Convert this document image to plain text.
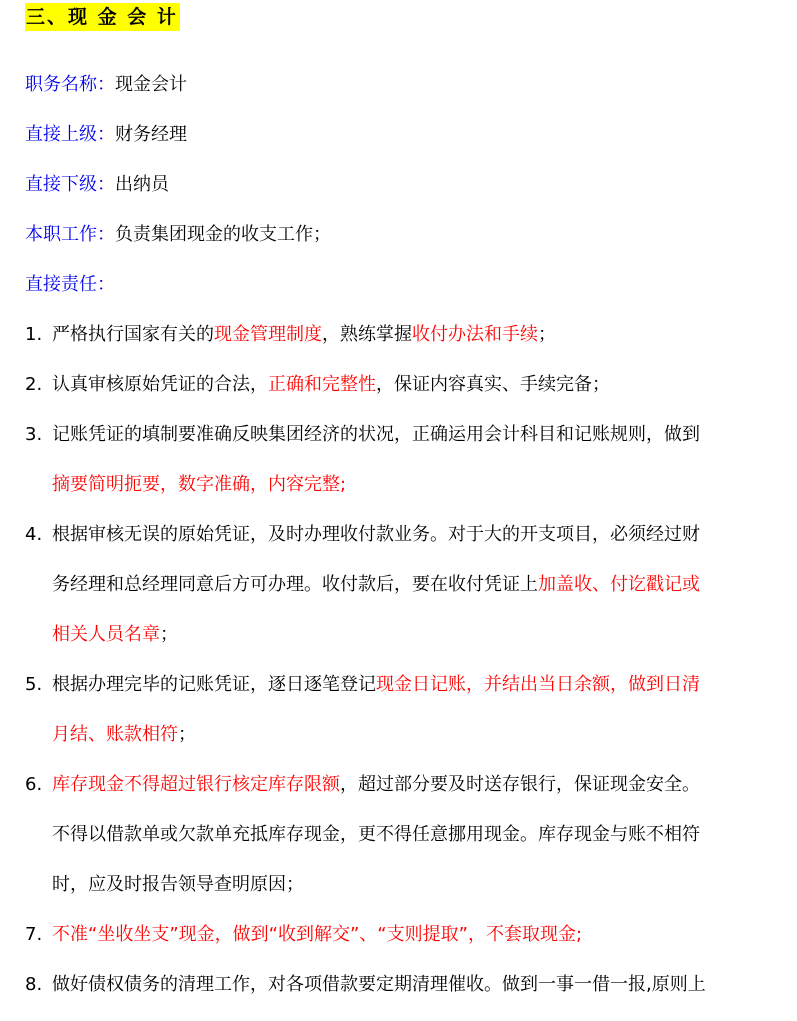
三、现 金 会 计
职务名称：现金会计
直接上级：财务经理
直接下级：出纳员
本职工作：负责集团现金的收支工作；
直接责任：
1. 严格执行国家有关的现金管理制度，熟练掌握收付办法和手续；
2. 认真审核原始凭证的合法，正确和完整性，保证内容真实、手续完备；
3. 记账凭证的填制要准确反映集团经济的状况，正确运用会计科目和记账规则，做到
摘要简明扼要，数字准确，内容完整;
4. 根据审核无误的原始凭证，及时办理收付款业务。对于大的开支项目，必须经过财
务经理和总经理同意后方可办理。收付款后，要在收付凭证上加盖收、付讫戳记或
相关人员名章；
5. 根据办理完毕的记账凭证，逐日逐笔登记现金日记账，并结出当日余额，做到日清
月结、账款相符；
6. 库存现金不得超过银行核定库存限额，超过部分要及时送存银行，保证现金安全。
不得以借款单或欠款单充抵库存现金，更不得任意挪用现金。库存现金与账不相符
时，应及时报告领导查明原因；
7. 不准“坐收坐支”现金，做到“收到解交”、“支则提取”，不套取现金;
8. 做好债权债务的清理工作，对各项借款要定期清理催收。做到一事一借一报,原则上
